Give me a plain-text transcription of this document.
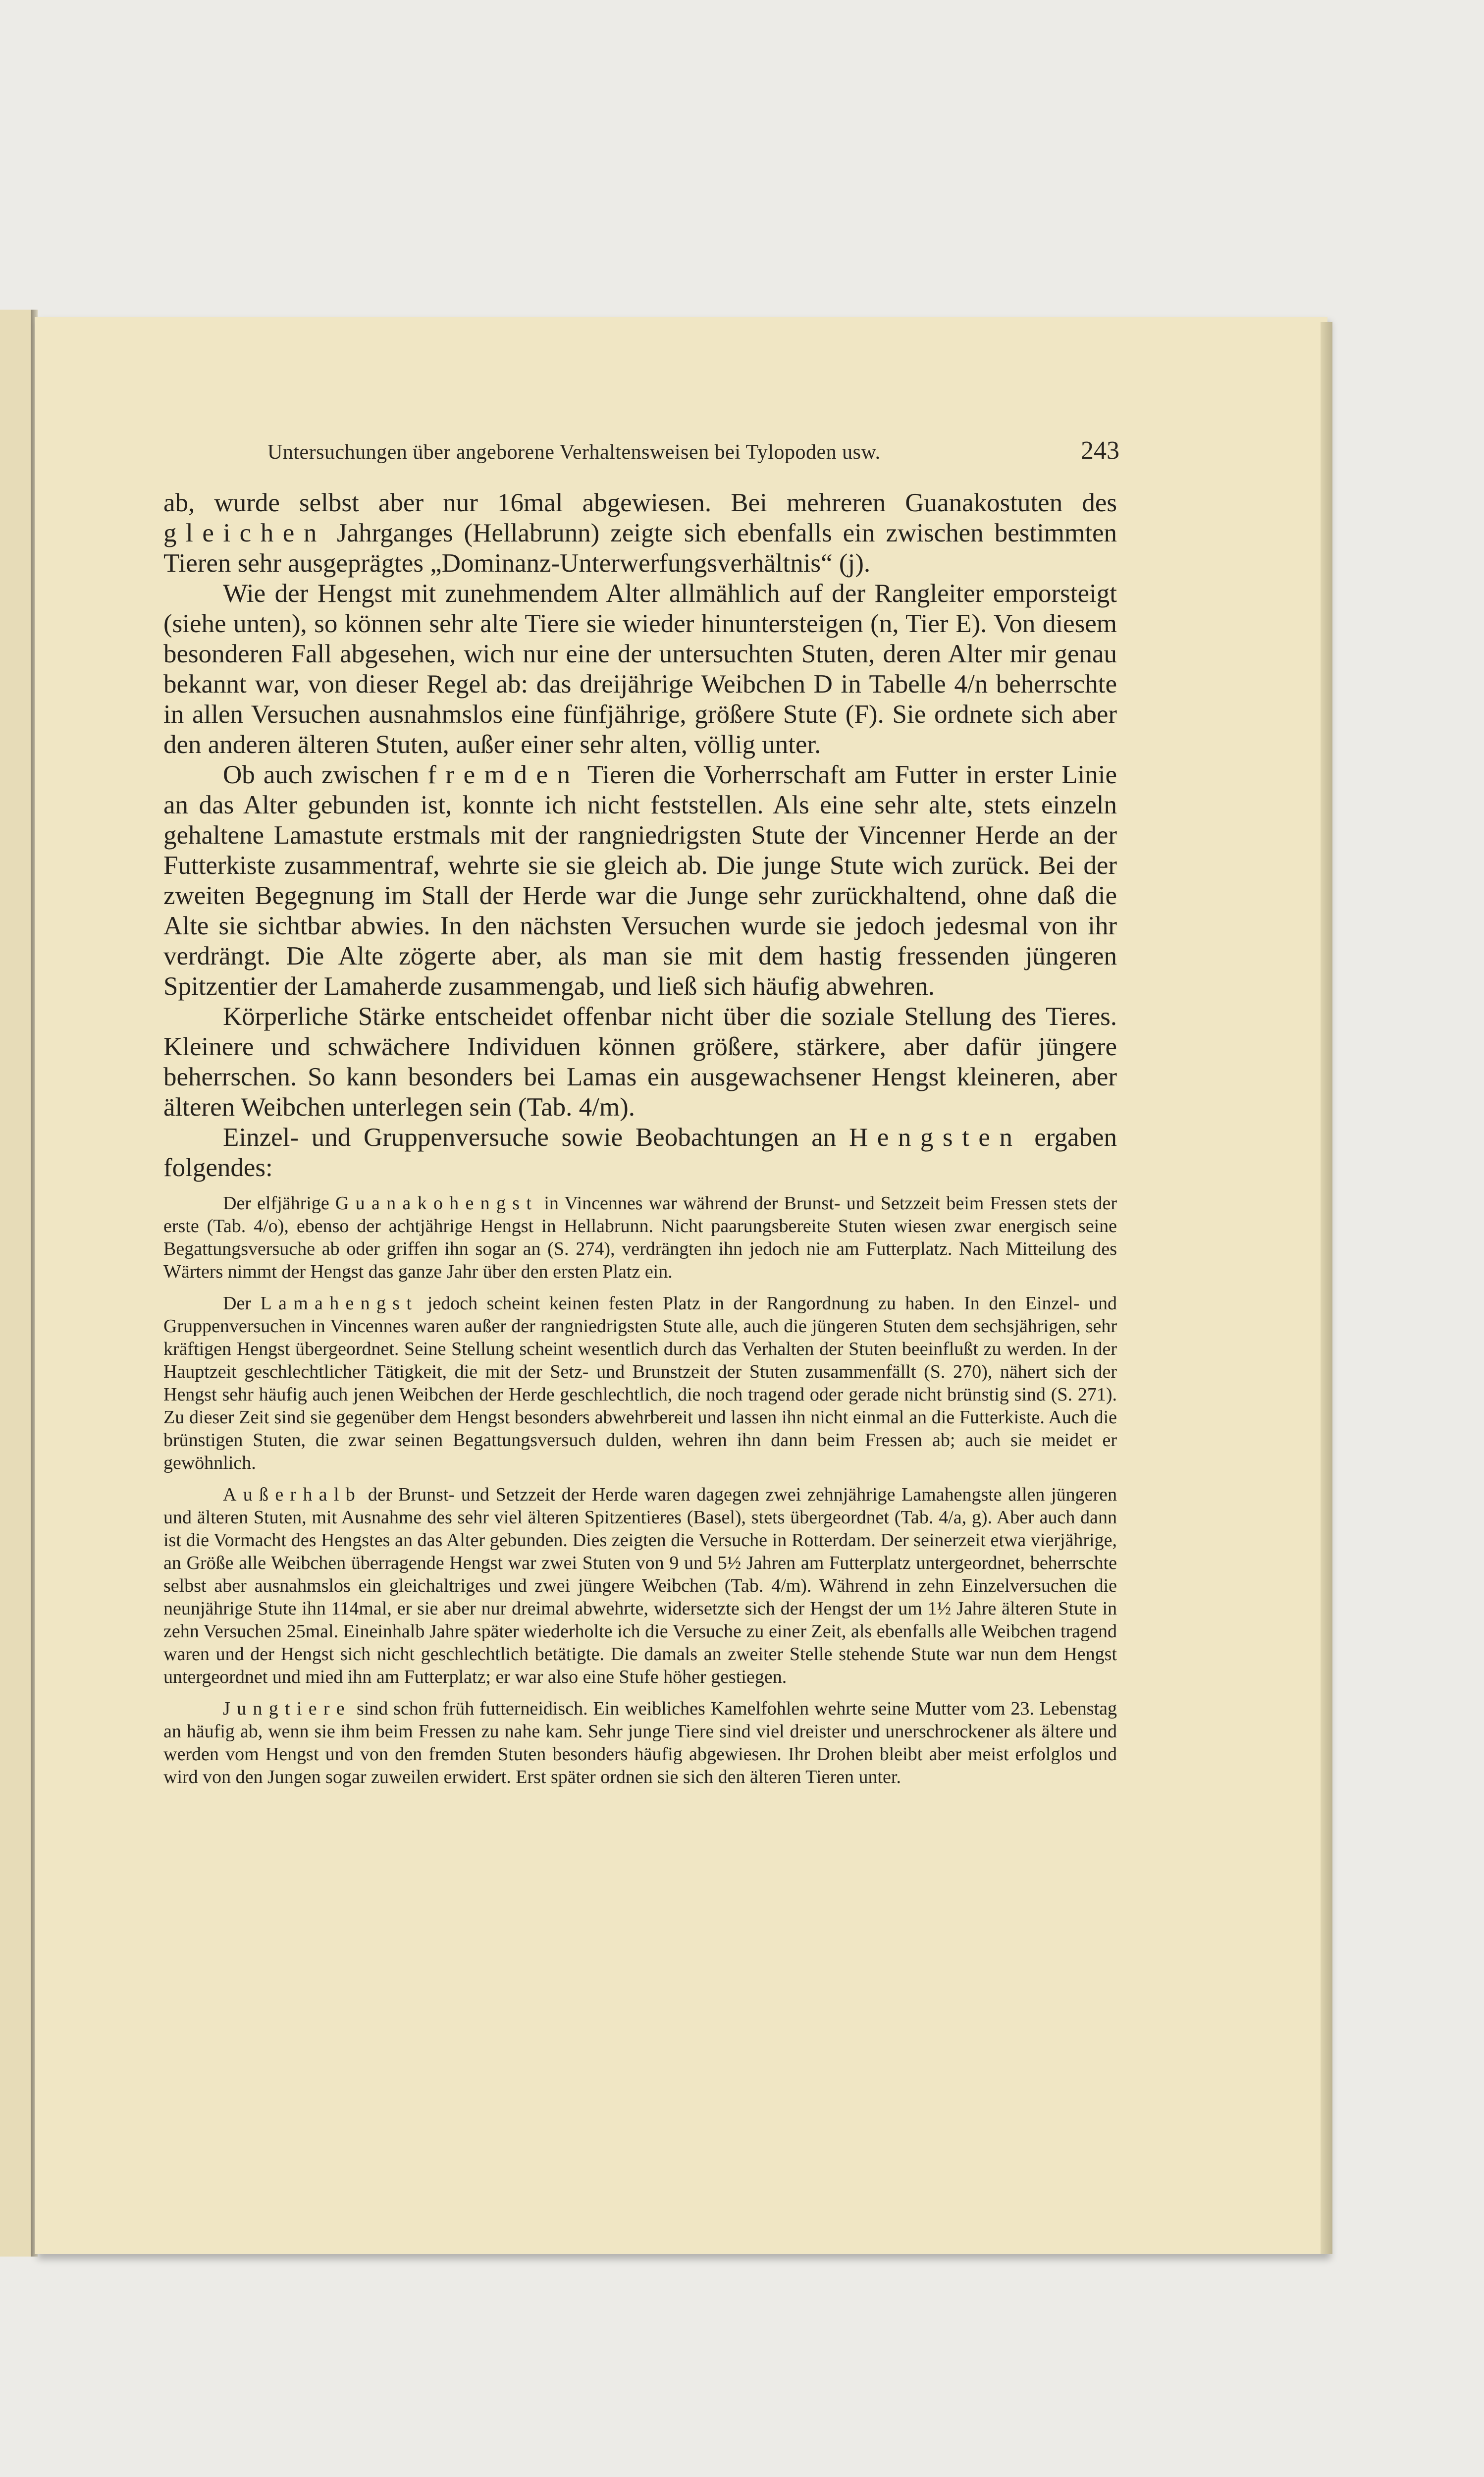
Untersuchungen über angeborene Verhaltensweisen bei Tylopoden usw.	243

ab, wurde selbst aber nur 16mal abgewiesen. Bei mehreren Guanakostuten des gleichen Jahrganges (Hellabrunn) zeigte sich ebenfalls ein zwischen bestimmten Tieren sehr ausgeprägtes „Dominanz-Unterwerfungsverhältnis“ (j).

Wie der Hengst mit zunehmendem Alter allmählich auf der Rangleiter emporsteigt (siehe unten), so können sehr alte Tiere sie wieder hinuntersteigen (n, Tier E). Von diesem besonderen Fall abgesehen, wich nur eine der untersuchten Stuten, deren Alter mir genau bekannt war, von dieser Regel ab: das dreijährige Weibchen D in Tabelle 4/n beherrschte in allen Versuchen ausnahmslos eine fünfjährige, größere Stute (F). Sie ordnete sich aber den anderen älteren Stuten, außer einer sehr alten, völlig unter.

Ob auch zwischen fremden Tieren die Vorherrschaft am Futter in erster Linie an das Alter gebunden ist, konnte ich nicht feststellen. Als eine sehr alte, stets einzeln gehaltene Lamastute erstmals mit der rangniedrigsten Stute der Vincenner Herde an der Futterkiste zusammentraf, wehrte sie sie gleich ab. Die junge Stute wich zurück. Bei der zweiten Begegnung im Stall der Herde war die Junge sehr zurückhaltend, ohne daß die Alte sie sichtbar abwies. In den nächsten Versuchen wurde sie jedoch jedesmal von ihr verdrängt. Die Alte zögerte aber, als man sie mit dem hastig fressenden jüngeren Spitzentier der Lamaherde zusammengab, und ließ sich häufig abwehren.

Körperliche Stärke entscheidet offenbar nicht über die soziale Stellung des Tieres. Kleinere und schwächere Individuen können größere, stärkere, aber dafür jüngere beherrschen. So kann besonders bei Lamas ein ausgewachsener Hengst kleineren, aber älteren Weibchen unterlegen sein (Tab. 4/m).

Einzel- und Gruppenversuche sowie Beobachtungen an Hengsten ergaben folgendes:

Der elfjährige Guanakohengst in Vincennes war während der Brunst- und Setzzeit beim Fressen stets der erste (Tab. 4/o), ebenso der achtjährige Hengst in Hellabrunn. Nicht paarungsbereite Stuten wiesen zwar energisch seine Begattungsversuche ab oder griffen ihn sogar an (S. 274), verdrängten ihn jedoch nie am Futterplatz. Nach Mitteilung des Wärters nimmt der Hengst das ganze Jahr über den ersten Platz ein.

Der Lamahengst jedoch scheint keinen festen Platz in der Rangordnung zu haben. In den Einzel- und Gruppenversuchen in Vincennes waren außer der rangniedrigsten Stute alle, auch die jüngeren Stuten dem sechsjährigen, sehr kräftigen Hengst übergeordnet. Seine Stellung scheint wesentlich durch das Verhalten der Stuten beeinflußt zu werden. In der Hauptzeit geschlechtlicher Tätigkeit, die mit der Setz- und Brunstzeit der Stuten zusammenfällt (S. 270), nähert sich der Hengst sehr häufig auch jenen Weibchen der Herde geschlechtlich, die noch tragend oder gerade nicht brünstig sind (S. 271). Zu dieser Zeit sind sie gegenüber dem Hengst besonders abwehrbereit und lassen ihn nicht einmal an die Futterkiste. Auch die brünstigen Stuten, die zwar seinen Begattungsversuch dulden, wehren ihn dann beim Fressen ab; auch sie meidet er gewöhnlich.

Außerhalb der Brunst- und Setzzeit der Herde waren dagegen zwei zehnjährige Lamahengste allen jüngeren und älteren Stuten, mit Ausnahme des sehr viel älteren Spitzentieres (Basel), stets übergeordnet (Tab. 4/a, g). Aber auch dann ist die Vormacht des Hengstes an das Alter gebunden. Dies zeigten die Versuche in Rotterdam. Der seinerzeit etwa vierjährige, an Größe alle Weibchen überragende Hengst war zwei Stuten von 9 und 5½ Jahren am Futterplatz untergeordnet, beherrschte selbst aber ausnahmslos ein gleichaltriges und zwei jüngere Weibchen (Tab. 4/m). Während in zehn Einzelversuchen die neunjährige Stute ihn 114mal, er sie aber nur dreimal abwehrte, widersetzte sich der Hengst der um 1½ Jahre älteren Stute in zehn Versuchen 25mal. Eineinhalb Jahre später wiederholte ich die Versuche zu einer Zeit, als ebenfalls alle Weibchen tragend waren und der Hengst sich nicht geschlechtlich betätigte. Die damals an zweiter Stelle stehende Stute war nun dem Hengst untergeordnet und mied ihn am Futterplatz; er war also eine Stufe höher gestiegen.

Jungtiere sind schon früh futterneidisch. Ein weibliches Kamelfohlen wehrte seine Mutter vom 23. Lebenstag an häufig ab, wenn sie ihm beim Fressen zu nahe kam. Sehr junge Tiere sind viel dreister und unerschrockener als ältere und werden vom Hengst und von den fremden Stuten besonders häufig abgewiesen. Ihr Drohen bleibt aber meist erfolglos und wird von den Jungen sogar zuweilen erwidert. Erst später ordnen sie sich den älteren Tieren unter.
